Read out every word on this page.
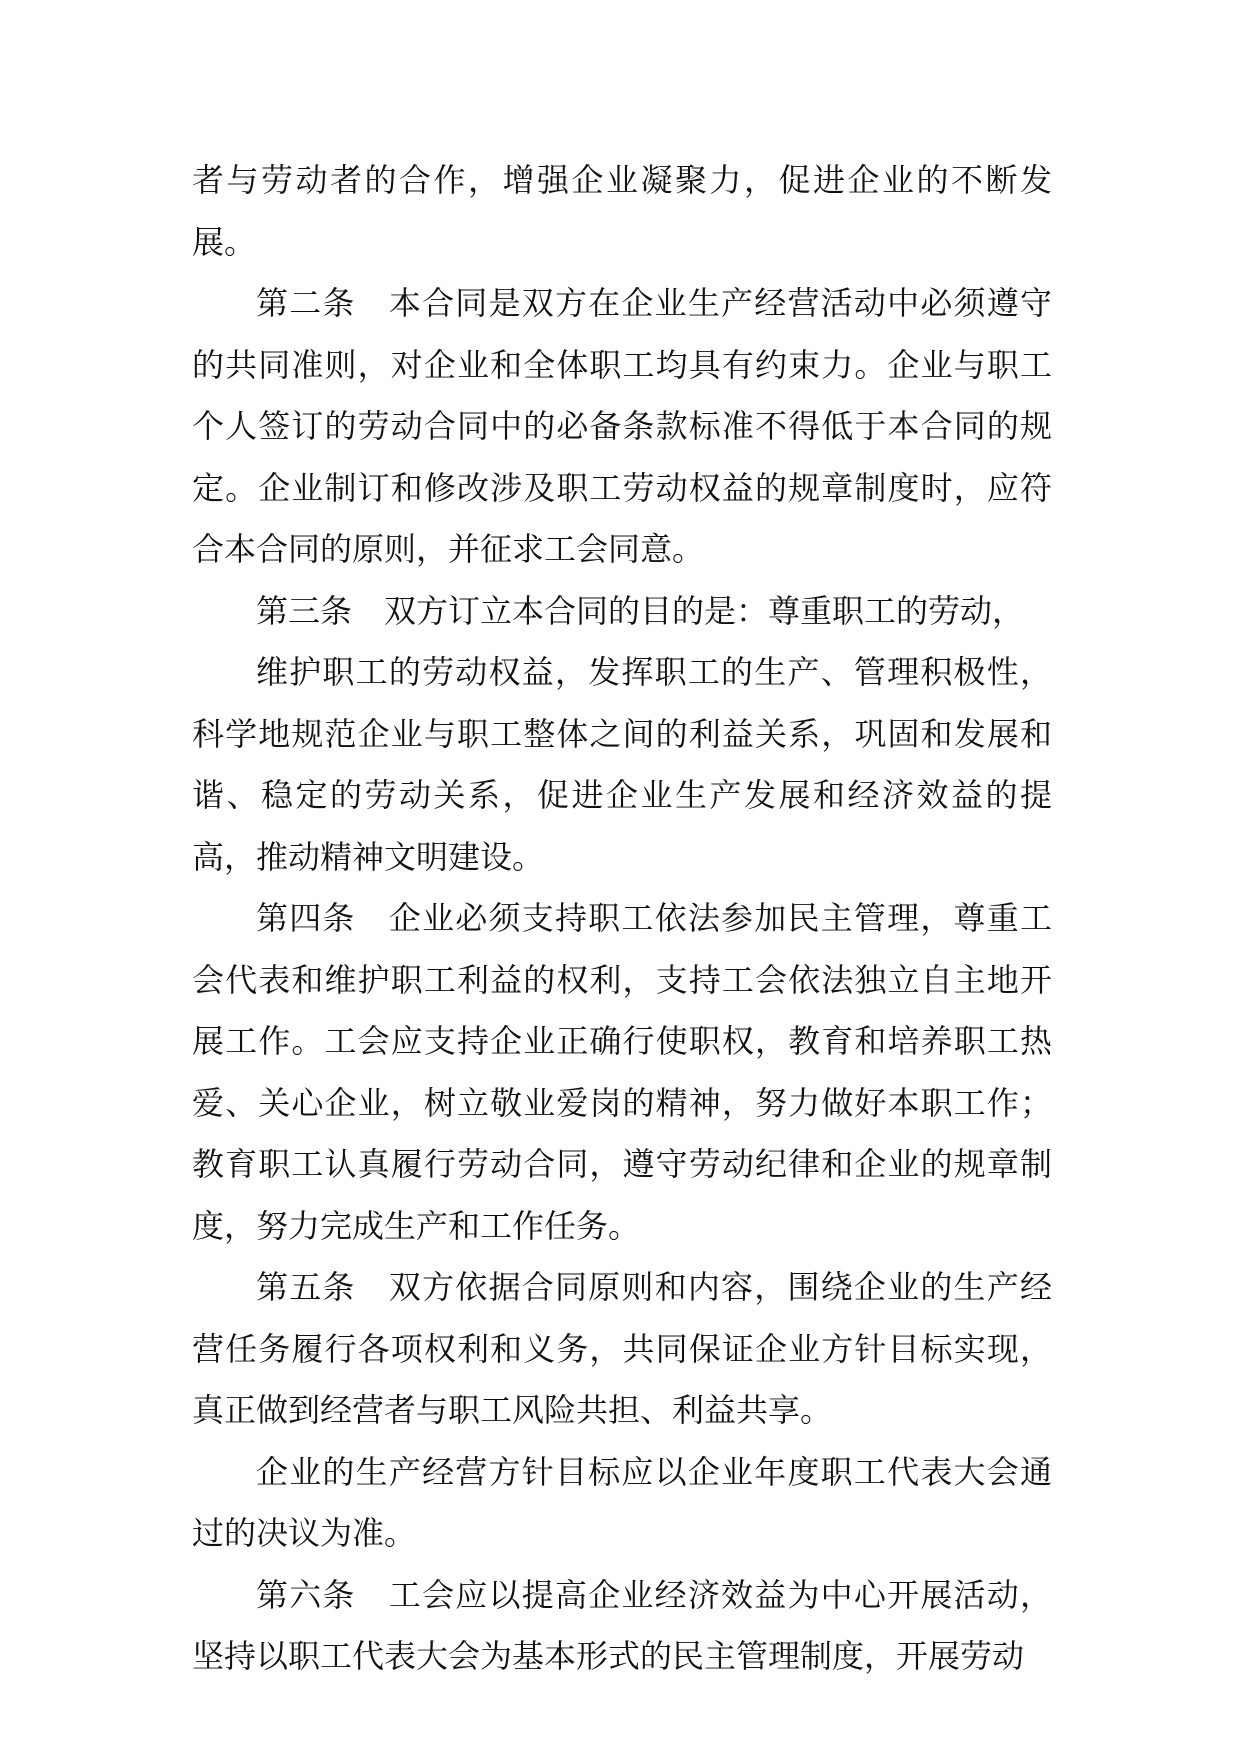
者与劳动者的合作，增强企业凝聚力，促进企业的不断发展。

第二条 本合同是双方在企业生产经营活动中必须遵守的共同准则，对企业和全体职工均具有约束力。企业与职工个人签订的劳动合同中的必备条款标准不得低于本合同的规定。企业制订和修改涉及职工劳动权益的规章制度时，应符合本合同的原则，并征求工会同意。

第三条 双方订立本合同的目的是：尊重职工的劳动，

维护职工的劳动权益，发挥职工的生产、管理积极性，科学地规范企业与职工整体之间的利益关系，巩固和发展和谐、稳定的劳动关系，促进企业生产发展和经济效益的提高，推动精神文明建设。

第四条 企业必须支持职工依法参加民主管理，尊重工会代表和维护职工利益的权利，支持工会依法独立自主地开展工作。工会应支持企业正确行使职权，教育和培养职工热爱、关心企业，树立敬业爱岗的精神，努力做好本职工作；教育职工认真履行劳动合同，遵守劳动纪律和企业的规章制度，努力完成生产和工作任务。

第五条 双方依据合同原则和内容，围绕企业的生产经营任务履行各项权利和义务，共同保证企业方针目标实现，真正做到经营者与职工风险共担、利益共享。

企业的生产经营方针目标应以企业年度职工代表大会通过的决议为准。

第六条 工会应以提高企业经济效益为中心开展活动，坚持以职工代表大会为基本形式的民主管理制度，开展劳动
